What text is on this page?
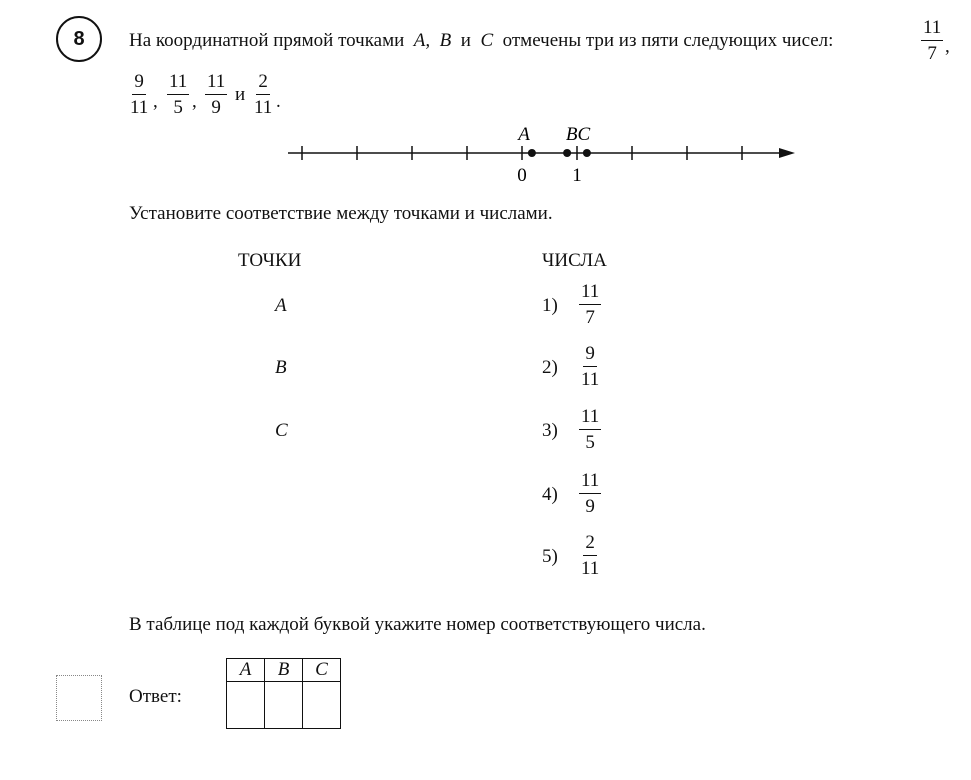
8 На координатной прямой точками A, B и C отмечены три из пяти следующих чисел:	$\frac{11}{7}$ ,
$\frac{9}{11}$ , $\frac{11}{5}$ , $\frac{11}{9}$ и $\frac{2}{11}$ .
A BC
0 1
Установите соответствие между точками и числами.
ТОЧКИ	ЧИСЛА
A
B
C
$1) \frac{11}{7}$
$2) \frac{9}{11}$
$3) \frac{11}{5}$
$4) \frac{11}{9}$
$5) \frac{2}{11}$
В таблице под каждой буквой укажите номер соответствующего числа.
Ответ:
A	B	C
